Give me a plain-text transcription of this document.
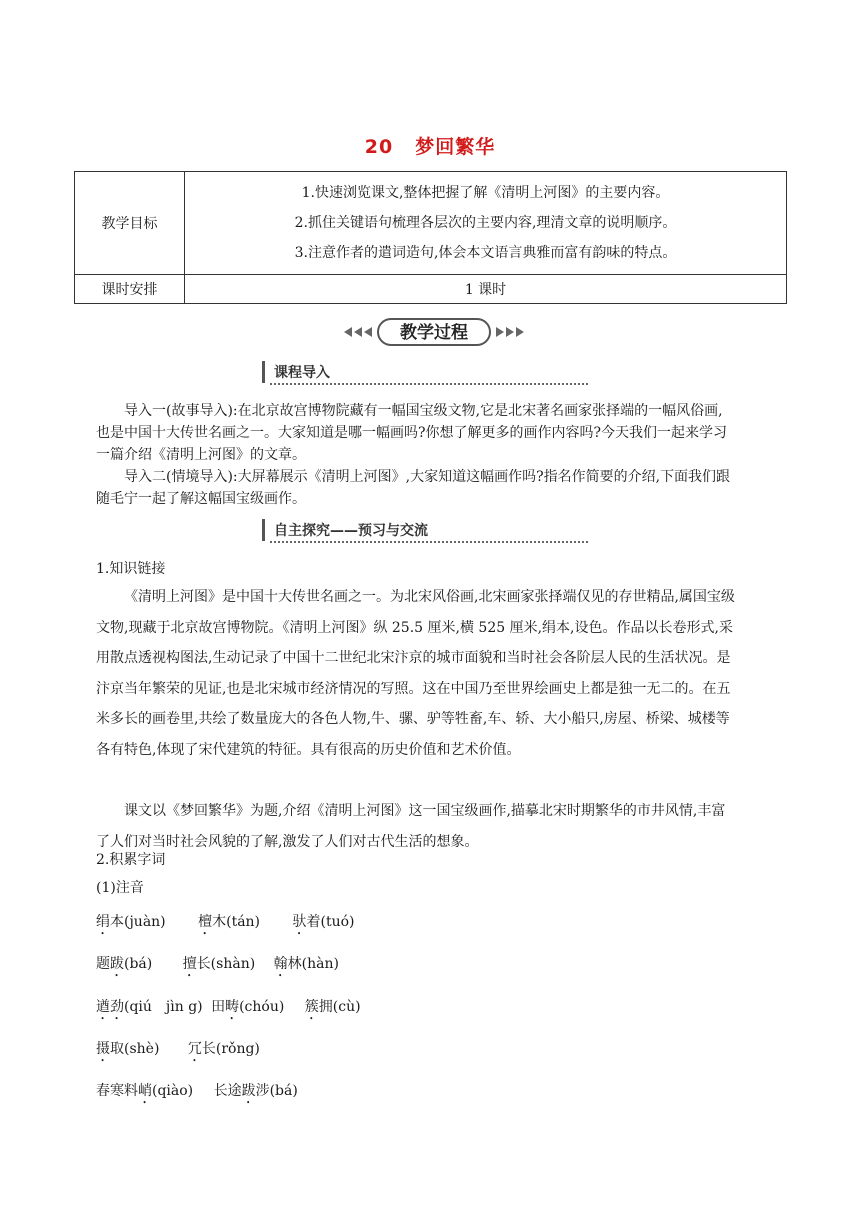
20 梦回繁华
教学目标	1.快速浏览课文,整体把握了解《清明上河图》的主要内容。
2.抓住关键语句梳理各层次的主要内容,理清文章的说明顺序。
3.注意作者的遣词造句,体会本文语言典雅而富有韵味的特点。

课时安排	1 课时
教学过程
课程导入
导入一(故事导入):在北京故宫博物院藏有一幅国宝级文物,它是北宋著名画家张择端的一幅风俗画,也是中国十大传世名画之一。大家知道是哪一幅画吗?你想了解更多的画作内容吗?今天我们一起来学习一篇介绍《清明上河图》的文章。
导入二(情境导入):大屏幕展示《清明上河图》,大家知道这幅画作吗?指名作简要的介绍,下面我们跟随毛宁一起了解这幅国宝级画作。
自主探究——预习与交流
1.知识链接
《清明上河图》是中国十大传世名画之一。为北宋风俗画,北宋画家张择端仅见的存世精品,属国宝级文物,现藏于北京故宫博物院。《清明上河图》纵 25.5 厘米,横 525 厘米,绢本,设色。作品以长卷形式,采用散点透视构图法,生动记录了中国十二世纪北宋汴京的城市面貌和当时社会各阶层人民的生活状况。是汴京当年繁荣的见证,也是北宋城市经济情况的写照。这在中国乃至世界绘画史上都是独一无二的。在五米多长的画卷里,共绘了数量庞大的各色人物,牛、骡、驴等牲畜,车、轿、大小船只,房屋、桥梁、城楼等各有特色,体现了宋代建筑的特征。具有很高的历史价值和艺术价值。
课文以《梦回繁华》为题,介绍《清明上河图》这一国宝级画作,描摹北宋时期繁华的市井风情,丰富了人们对当时社会风貌的了解,激发了人们对古代生活的想象。
2.积累字词
(1)注音
绢本(juàn) 檀木(tán) 驮着(tuó)
题跋(bá) 擅长(shàn) 翰林(hàn)
遒劲(qiú　jìn g) 田畴(chóu) 簇拥(cù)
摄取(shè) 冗长(rǒng)
春寒料峭(qiào) 长途跋涉(bá)
